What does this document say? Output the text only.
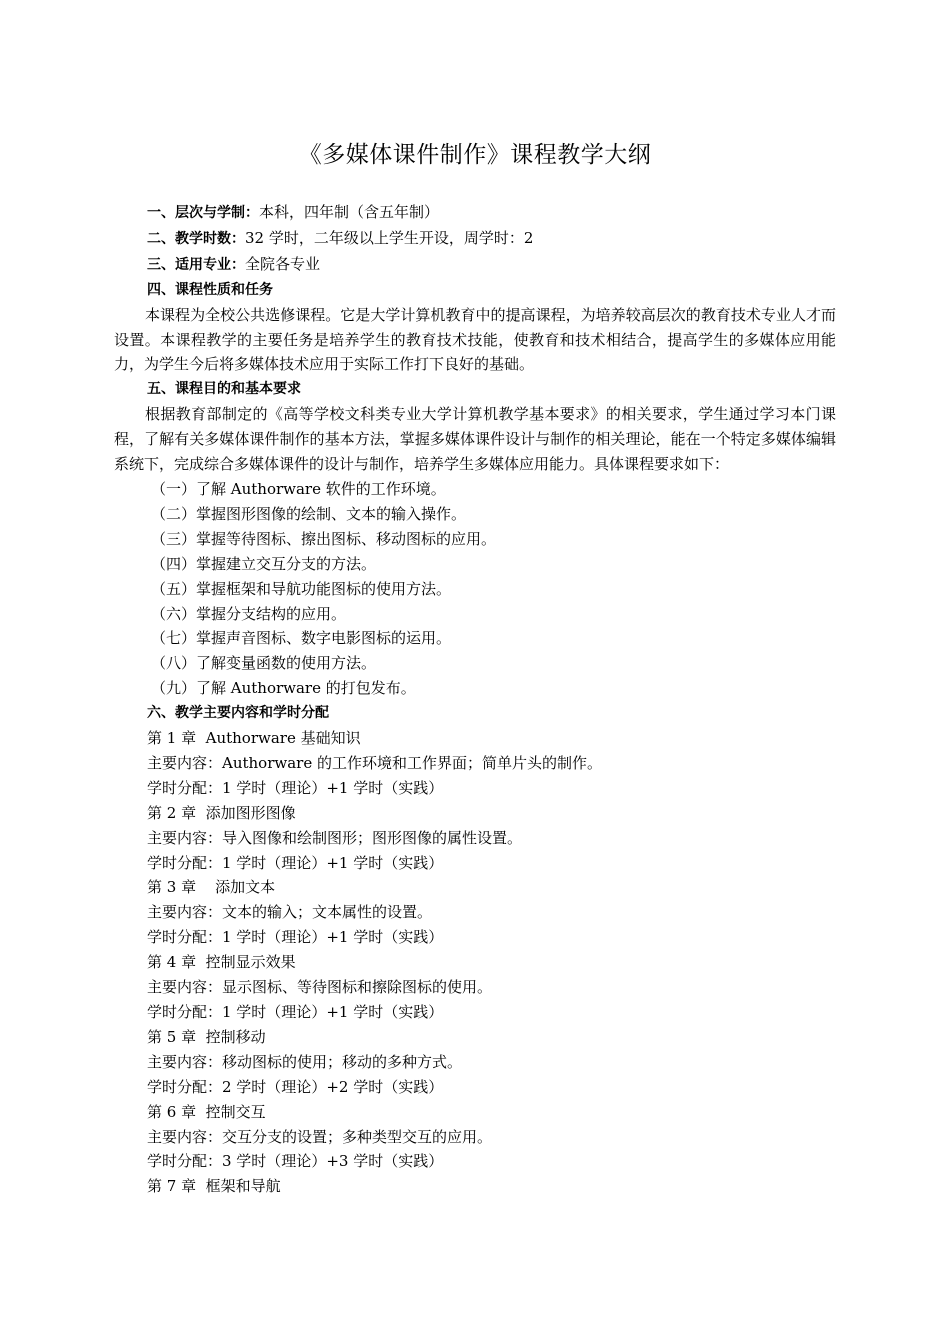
《多媒体课件制作》课程教学大纲
一、层次与学制：本科，四年制（含五年制）
二、教学时数：32 学时，二年级以上学生开设，周学时：2
三、适用专业：全院各专业
四、课程性质和任务
本课程为全校公共选修课程。它是大学计算机教育中的提高课程，为培养较高层次的教育技术专业人才而设置。本课程教学的主要任务是培养学生的教育技术技能，使教育和技术相结合，提高学生的多媒体应用能力，为学生今后将多媒体技术应用于实际工作打下良好的基础。
五、课程目的和基本要求
根据教育部制定的《高等学校文科类专业大学计算机教学基本要求》的相关要求，学生通过学习本门课程，了解有关多媒体课件制作的基本方法，掌握多媒体课件设计与制作的相关理论，能在一个特定多媒体编辑系统下，完成综合多媒体课件的设计与制作，培养学生多媒体应用能力。具体课程要求如下：
（一）了解 Authorware 软件的工作环境。
（二）掌握图形图像的绘制、文本的输入操作。
（三）掌握等待图标、擦出图标、移动图标的应用。
（四）掌握建立交互分支的方法。
（五）掌握框架和导航功能图标的使用方法。
（六）掌握分支结构的应用。
（七）掌握声音图标、数字电影图标的运用。
（八）了解变量函数的使用方法。
（九）了解 Authorware 的打包发布。
六、教学主要内容和学时分配
第 1 章  Authorware 基础知识
主要内容：Authorware 的工作环境和工作界面；简单片头的制作。
学时分配：1 学时（理论）+1 学时（实践）
第 2 章  添加图形图像
主要内容：导入图像和绘制图形；图形图像的属性设置。
学时分配：1 学时（理论）+1 学时（实践）
第 3 章    添加文本
主要内容：文本的输入；文本属性的设置。
学时分配：1 学时（理论）+1 学时（实践）
第 4 章  控制显示效果
主要内容：显示图标、等待图标和擦除图标的使用。
学时分配：1 学时（理论）+1 学时（实践）
第 5 章  控制移动
主要内容：移动图标的使用；移动的多种方式。
学时分配：2 学时（理论）+2 学时（实践）
第 6 章  控制交互
主要内容：交互分支的设置；多种类型交互的应用。
学时分配：3 学时（理论）+3 学时（实践）
第 7 章  框架和导航
